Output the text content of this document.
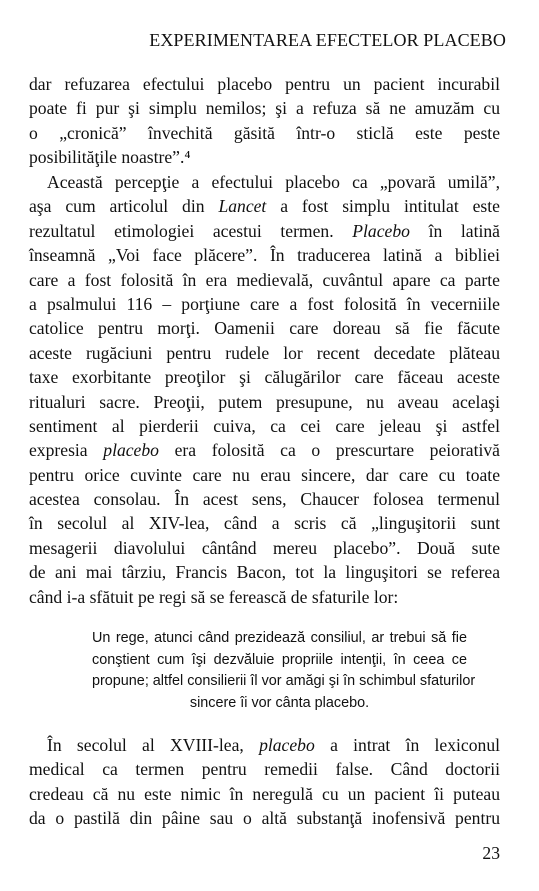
EXPERIMENTAREA EFECTELOR PLACEBO
dar refuzarea efectului placebo pentru un pacient incurabil
poate fi pur şi simplu nemilos; şi a refuza să ne amuzăm cu
o „cronică” învechită găsită într-o sticlă este peste
posibilităţile noastre”.⁴
Această percepţie a efectului placebo ca „povară umilă”,
aşa cum articolul din Lancet a fost simplu intitulat este
rezultatul etimologiei acestui termen. Placebo în latină
înseamnă „Voi face plăcere”. În traducerea latină a bibliei
care a fost folosită în era medievală, cuvântul apare ca parte
a psalmului 116 – porţiune care a fost folosită în vecerniile
catolice pentru morţi. Oamenii care doreau să fie făcute
aceste rugăciuni pentru rudele lor recent decedate plăteau
taxe exorbitante preoţilor şi călugărilor care făceau aceste
ritualuri sacre. Preoţii, putem presupune, nu aveau acelaşi
sentiment al pierderii cuiva, ca cei care jeleau şi astfel
expresia placebo era folosită ca o prescurtare peiorativă
pentru orice cuvinte care nu erau sincere, dar care cu toate
acestea consolau. În acest sens, Chaucer folosea termenul
în secolul al XIV-lea, când a scris că „linguşitorii sunt
mesagerii diavolului cântând mereu placebo”. Două sute
de ani mai târziu, Francis Bacon, tot la linguşitori se referea
când i-a sfătuit pe regi să se ferească de sfaturile lor:
Un rege, atunci când prezidează consiliul, ar trebui să fie
conştient cum îşi dezvăluie propriile intenţii, în ceea ce
propune; altfel consilierii îl vor amăgi şi în schimbul sfaturilor
sincere îi vor cânta placebo.
În secolul al XVIII-lea, placebo a intrat în lexiconul
medical ca termen pentru remedii false. Când doctorii
credeau că nu este nimic în neregulă cu un pacient îi puteau
da o pastilă din pâine sau o altă substanţă inofensivă pentru
23
